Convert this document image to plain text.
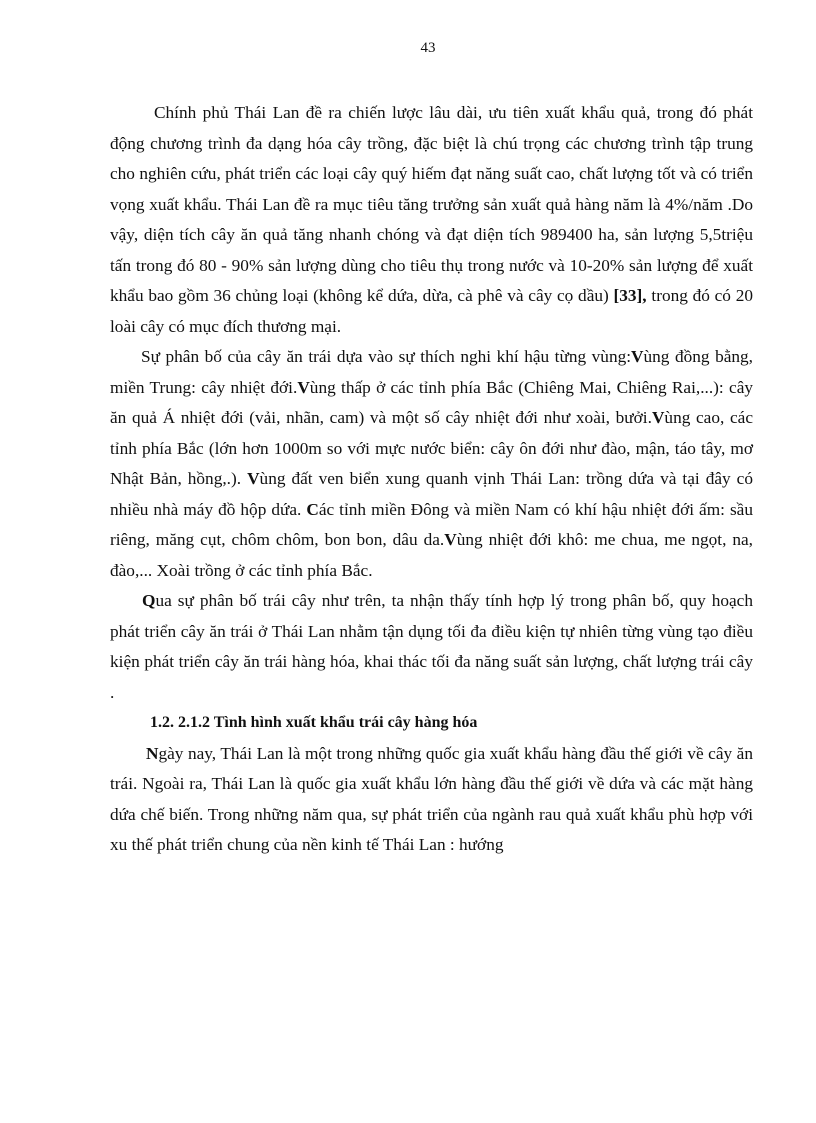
43

Chính phủ Thái Lan đề ra chiến lược lâu dài, ưu tiên xuất khẩu quả, trong đó phát động chương trình đa dạng hóa cây trồng, đặc biệt là chú trọng các chương trình tập trung cho nghiên cứu, phát triển các loại cây quý hiếm đạt năng suất cao, chất lượng tốt và có triển vọng xuất khẩu. Thái Lan đề ra mục tiêu tăng trưởng sản xuất quả hàng năm là 4%/năm .Do vậy, diện tích cây ăn quả tăng nhanh chóng và đạt diện tích 989400 ha, sản lượng 5,5triệu tấn trong đó 80 - 90% sản lượng dùng cho tiêu thụ trong nước và 10-20% sản lượng để xuất khẩu bao gồm 36 chủng loại (không kể dứa, dừa, cà phê và cây cọ dầu) [33], trong đó có 20 loài cây có mục đích thương mại.

Sự phân bố của cây ăn trái dựa vào sự thích nghi khí hậu từng vùng:Vùng đồng bằng, miền Trung: cây nhiệt đới.Vùng thấp ở các tỉnh phía Bắc (Chiêng Mai, Chiêng Rai,...): cây ăn quả Á nhiệt đới (vải, nhãn, cam) và một số cây nhiệt đới như xoài, bưởi.Vùng cao, các tỉnh phía Bắc (lớn hơn 1000m so với mực nước biển: cây ôn đới như đào, mận, táo tây, mơ Nhật Bản, hồng,.). Vùng đất ven biển xung quanh vịnh Thái Lan: trồng dứa và tại đây có nhiều nhà máy đồ hộp dứa. Các tỉnh miền Đông và miền Nam có khí hậu nhiệt đới ấm: sầu riêng, măng cụt, chôm chôm, bon bon, dâu da.Vùng nhiệt đới khô: me chua, me ngọt, na, đào,... Xoài trồng ở các tỉnh phía Bắc.

Qua sự phân bố trái cây như trên, ta nhận thấy tính hợp lý trong phân bố, quy hoạch phát triển cây ăn trái ở Thái Lan nhằm tận dụng tối đa điều kiện tự nhiên từng vùng tạo điều kiện phát triển cây ăn trái hàng hóa, khai thác tối đa năng suất sản lượng, chất lượng trái cây .

1.2. 2.1.2 Tình hình xuất khẩu trái cây hàng hóa

Ngày nay, Thái Lan là một trong những quốc gia xuất khẩu hàng đầu thế giới về cây ăn trái. Ngoài ra, Thái Lan là quốc gia xuất khẩu lớn hàng đầu thế giới về dứa và các mặt hàng dứa chế biến. Trong những năm qua, sự phát triển của ngành rau quả xuất khẩu phù hợp với xu thế phát triển chung của nền kinh tế Thái Lan : hướng
